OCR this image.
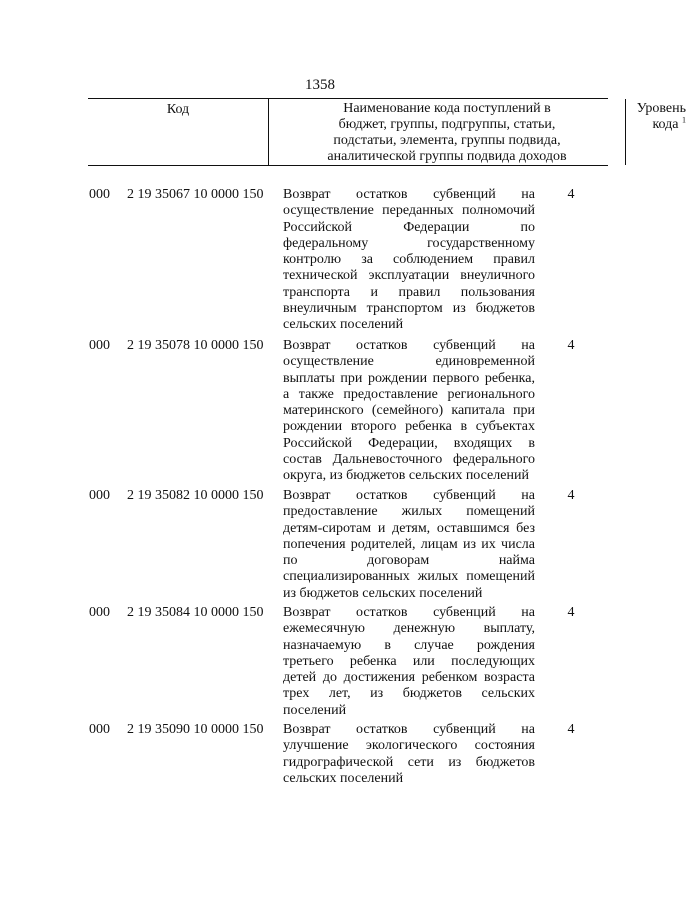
1358
Код	Наименование кода поступлений в
бюджет, группы, подгруппы, статьи,
подстатьи, элемента, группы подвида,
аналитической группы подвида доходов
Уровень
кода $^1$
000 2 19 35067 10 0000 150 Возврат остатков субвенций на
осуществление переданных полномочий
Российской Федерации по
федеральному государственному
контролю за соблюдением правил
технической эксплуатации внеуличного
транспорта и правил пользования
внеуличным транспортом из бюджетов
сельских поселений
4
000 2 19 35078 10 0000 150 Возврат остатков субвенций на
осуществление единовременной
выплаты при рождении первого ребенка,
а также предоставление регионального
материнского (семейного) капитала при
рождении второго ребенка в субъектах
Российской Федерации, входящих в
состав Дальневосточного федерального
округа, из бюджетов сельских поселений
4
000 2 19 35082 10 0000 150 Возврат остатков субвенций на
предоставление жилых помещений
детям-сиротам и детям, оставшимся без
попечения родителей, лицам из их числа
по договорам найма
специализированных жилых помещений
из бюджетов сельских поселений
4
000 2 19 35084 10 0000 150 Возврат остатков субвенций на
ежемесячную денежную выплату,
назначаемую в случае рождения
третьего ребенка или последующих
детей до достижения ребенком возраста
трех лет, из бюджетов сельских
поселений
4
000 2 19 35090 10 0000 150 Возврат остатков субвенций на
улучшение экологического состояния
гидрографической сети из бюджетов
сельских поселений
4
